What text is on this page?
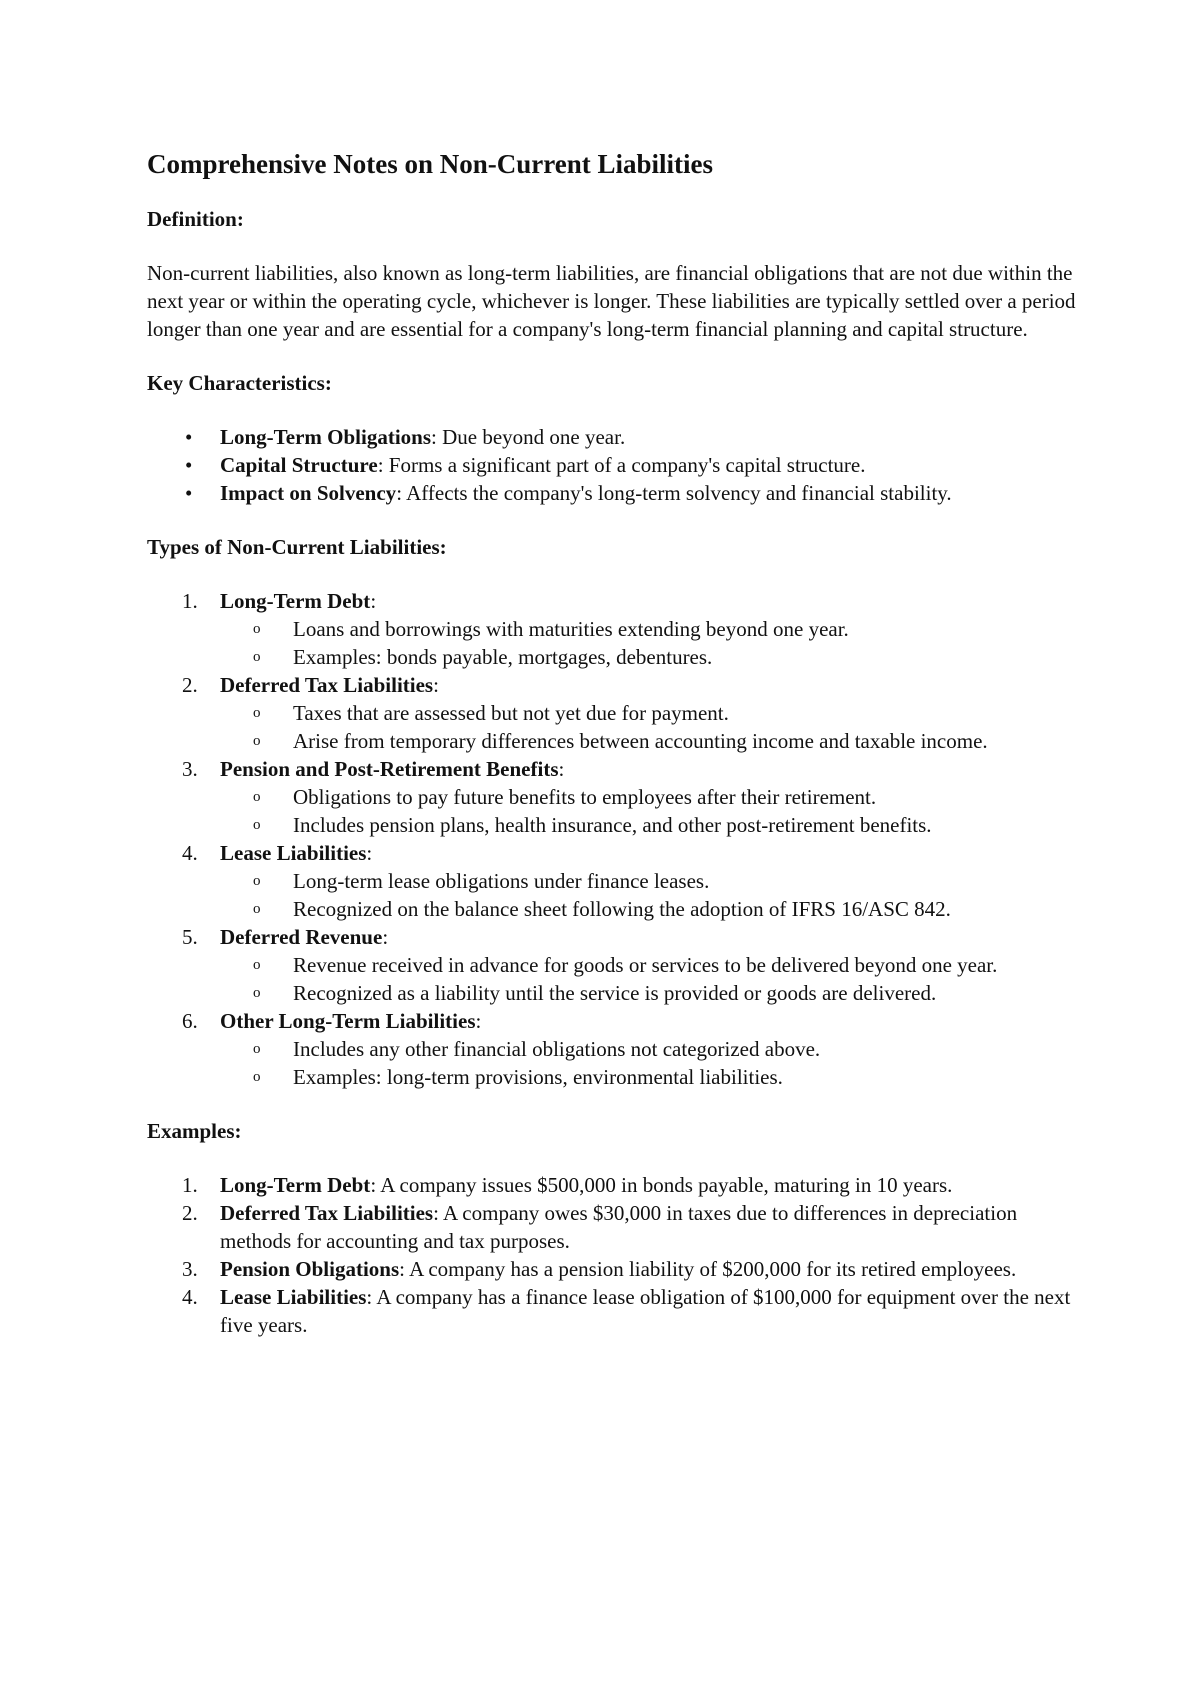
Comprehensive Notes on Non-Current Liabilities
Definition:
Non-current liabilities, also known as long-term liabilities, are financial obligations that are not due within the next year or within the operating cycle, whichever is longer. These liabilities are typically settled over a period longer than one year and are essential for a company's long-term financial planning and capital structure.
Key Characteristics:
• Long-Term Obligations: Due beyond one year.
• Capital Structure: Forms a significant part of a company's capital structure.
• Impact on Solvency: Affects the company's long-term solvency and financial stability.
Types of Non-Current Liabilities:
1. Long-Term Debt:
o Loans and borrowings with maturities extending beyond one year.
o Examples: bonds payable, mortgages, debentures.
2. Deferred Tax Liabilities:
o Taxes that are assessed but not yet due for payment.
o Arise from temporary differences between accounting income and taxable income.
3. Pension and Post-Retirement Benefits:
o Obligations to pay future benefits to employees after their retirement.
o Includes pension plans, health insurance, and other post-retirement benefits.
4. Lease Liabilities:
o Long-term lease obligations under finance leases.
o Recognized on the balance sheet following the adoption of IFRS 16/ASC 842.
5. Deferred Revenue:
o Revenue received in advance for goods or services to be delivered beyond one year.
o Recognized as a liability until the service is provided or goods are delivered.
6. Other Long-Term Liabilities:
o Includes any other financial obligations not categorized above.
o Examples: long-term provisions, environmental liabilities.
Examples:
1. Long-Term Debt: A company issues $500,000 in bonds payable, maturing in 10 years.
2. Deferred Tax Liabilities: A company owes $30,000 in taxes due to differences in depreciation methods for accounting and tax purposes.
3. Pension Obligations: A company has a pension liability of $200,000 for its retired employees.
4. Lease Liabilities: A company has a finance lease obligation of $100,000 for equipment over the next five years.
